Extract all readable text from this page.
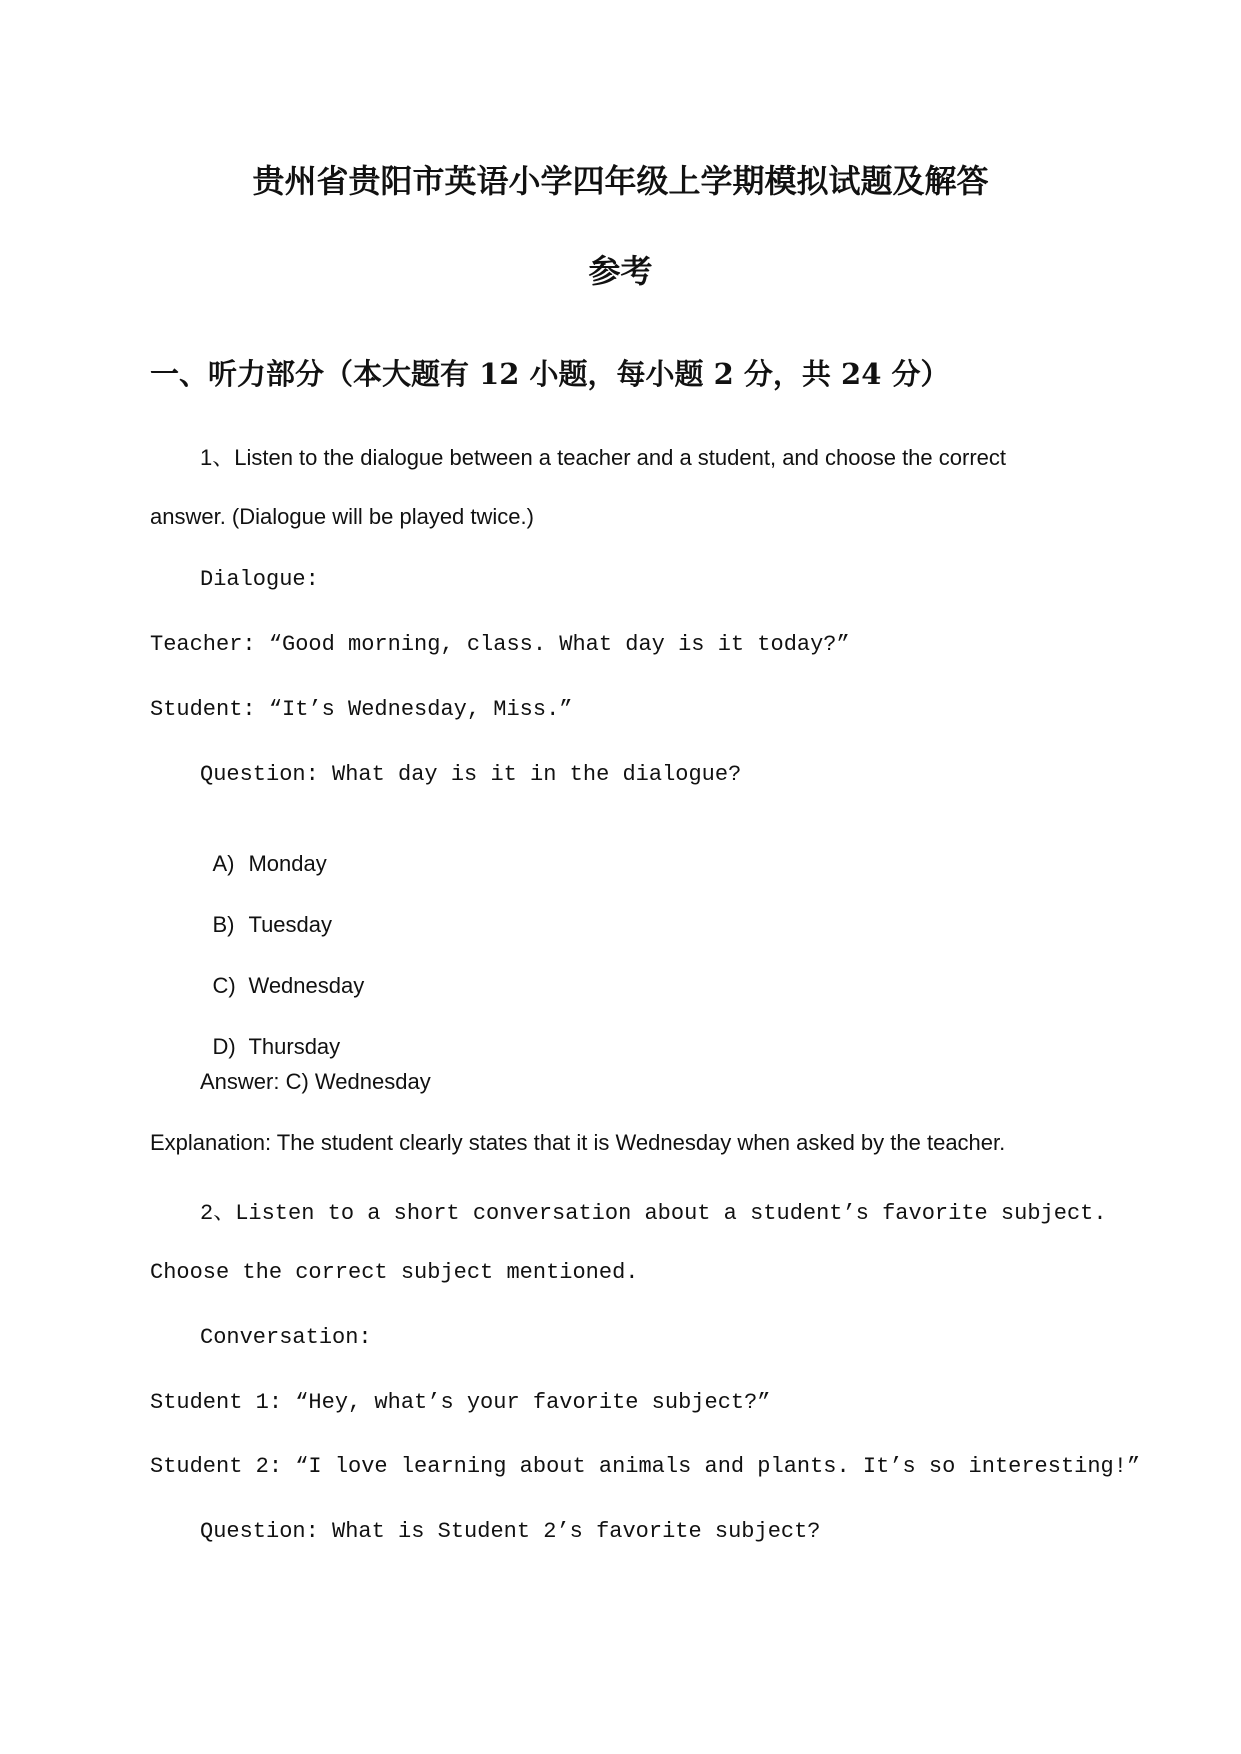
贵州省贵阳市英语小学四年级上学期模拟试题及解答
参考
一、听力部分（本大题有 12 小题，每小题 2 分，共 24 分）
1、Listen to the dialogue between a teacher and a student, and choose the correct
answer. (Dialogue will be played twice.)
Dialogue:
Teacher: “Good morning, class. What day is it today?”
Student: “It’s Wednesday, Miss.”
Question: What day is it in the dialogue?

A) Monday

B) Tuesday

C) Wednesday

D) Thursday

Answer: C) Wednesday
Explanation: The student clearly states that it is Wednesday when asked by the teacher.
2、Listen to a short conversation about a student’s favorite subject.
Choose the correct subject mentioned.
Conversation:
Student 1: “Hey, what’s your favorite subject?”
Student 2: “I love learning about animals and plants. It’s so interesting!”
Question: What is Student 2’s favorite subject?
